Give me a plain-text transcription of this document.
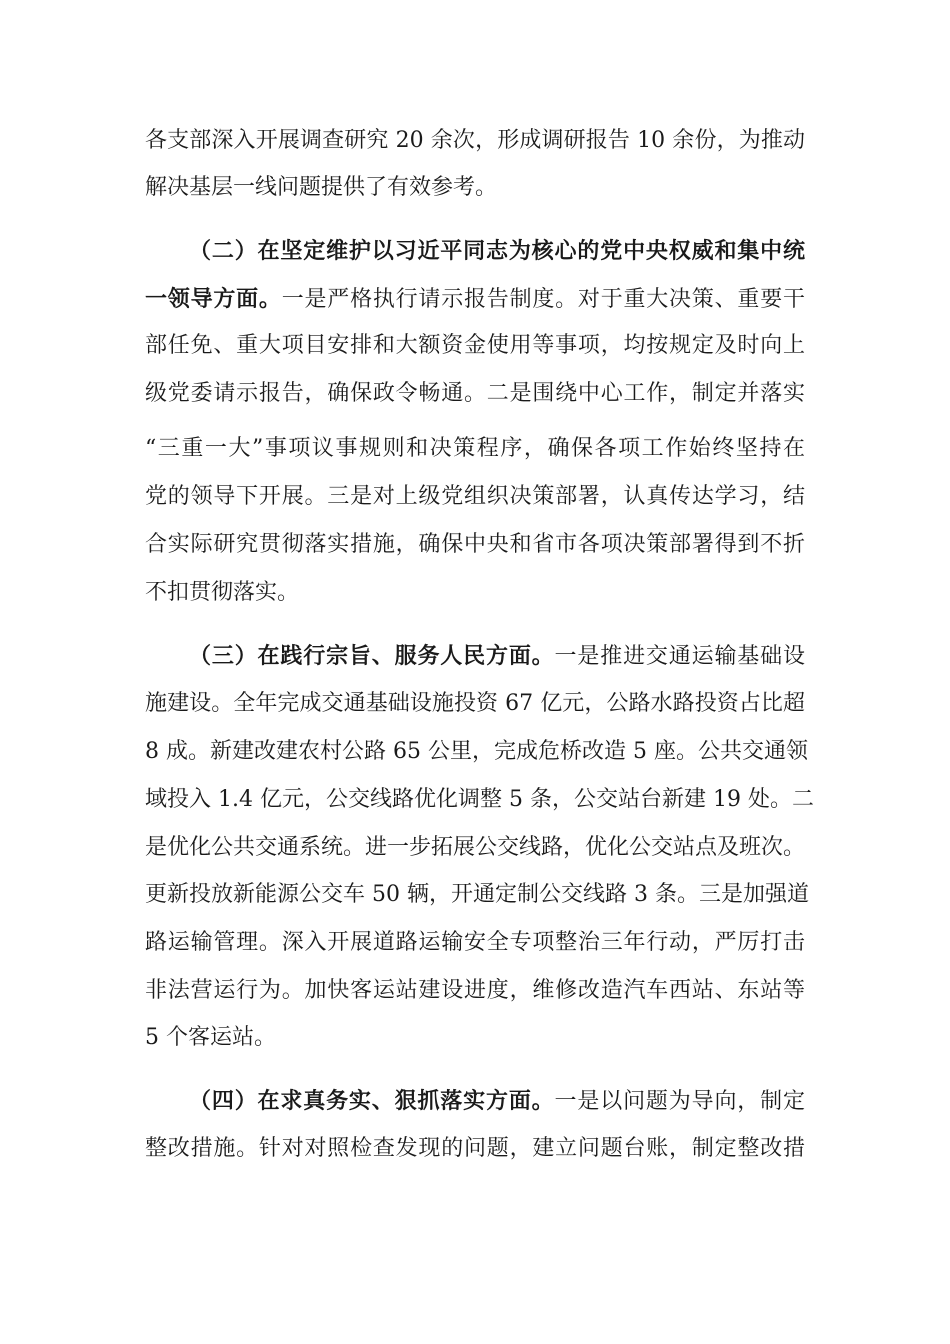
各支部深入开展调查研究 20 余次，形成调研报告 10 余份，为推动
解决基层一线问题提供了有效参考。
（二）在坚定维护以习近平同志为核心的党中央权威和集中统
一领导方面。一是严格执行请示报告制度。对于重大决策、重要干
部任免、重大项目安排和大额资金使用等事项，均按规定及时向上
级党委请示报告，确保政令畅通。二是围绕中心工作，制定并落实
“三重一大”事项议事规则和决策程序，确保各项工作始终坚持在
党的领导下开展。三是对上级党组织决策部署，认真传达学习，结
合实际研究贯彻落实措施，确保中央和省市各项决策部署得到不折
不扣贯彻落实。
（三）在践行宗旨、服务人民方面。一是推进交通运输基础设
施建设。全年完成交通基础设施投资 67 亿元，公路水路投资占比超
8 成。新建改建农村公路 65 公里，完成危桥改造 5 座。公共交通领
域投入 1.4 亿元，公交线路优化调整 5 条，公交站台新建 19 处。二
是优化公共交通系统。进一步拓展公交线路，优化公交站点及班次。
更新投放新能源公交车 50 辆，开通定制公交线路 3 条。三是加强道
路运输管理。深入开展道路运输安全专项整治三年行动，严厉打击
非法营运行为。加快客运站建设进度，维修改造汽车西站、东站等
5 个客运站。
（四）在求真务实、狠抓落实方面。一是以问题为导向，制定
整改措施。针对对照检查发现的问题，建立问题台账，制定整改措
